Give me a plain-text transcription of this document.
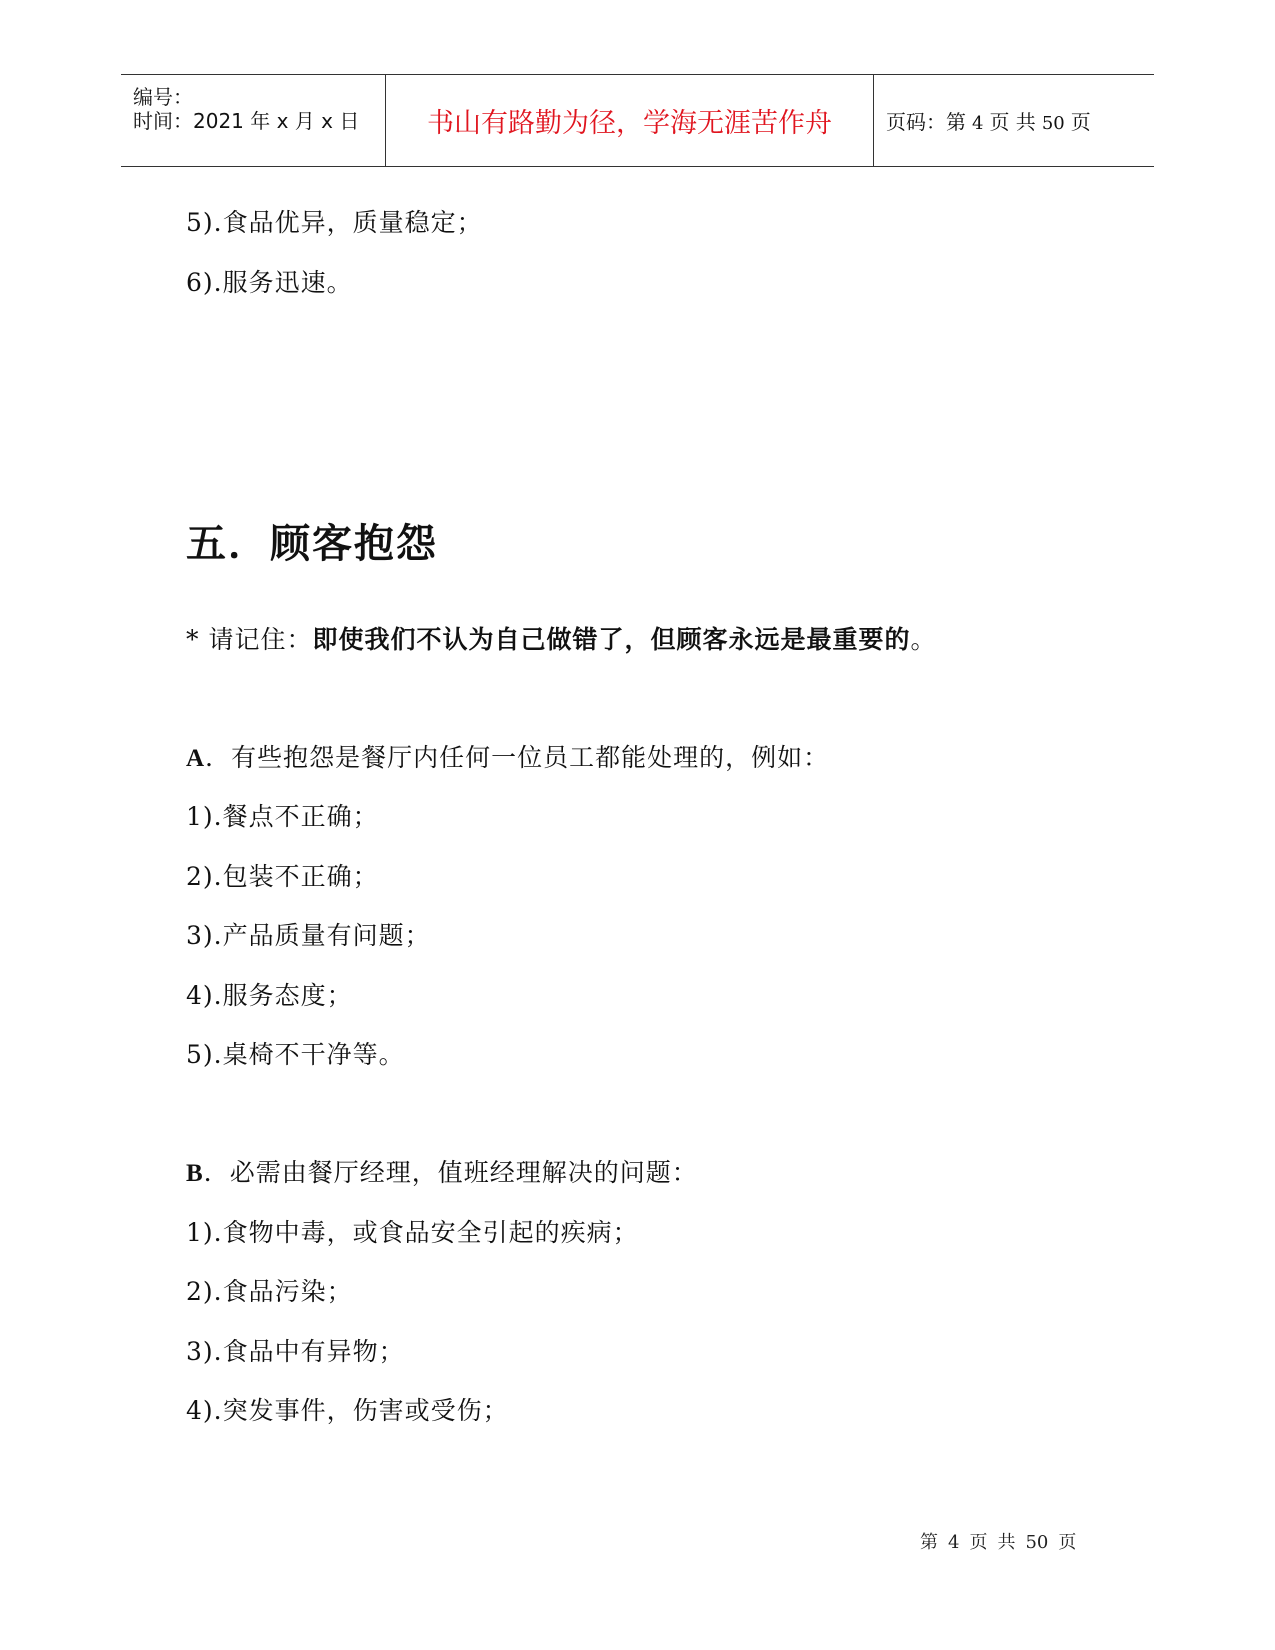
编号：
时间：2021 年 x 月 x 日	书山有路勤为径，学海无涯苦作舟	页码：第 4 页 共 50 页
5).食品优异，质量稳定；
6).服务迅速。
五．顾客抱怨
* 请记住：即使我们不认为自己做错了，但顾客永远是最重要的。
A．有些抱怨是餐厅内任何一位员工都能处理的，例如：
1).餐点不正确；
2).包装不正确；
3).产品质量有问题；
4).服务态度；
5).桌椅不干净等。
B．必需由餐厅经理，值班经理解决的问题：
1).食物中毒，或食品安全引起的疾病；
2).食品污染；
3).食品中有异物；
4).突发事件，伤害或受伤；
第 4 页 共 50 页
